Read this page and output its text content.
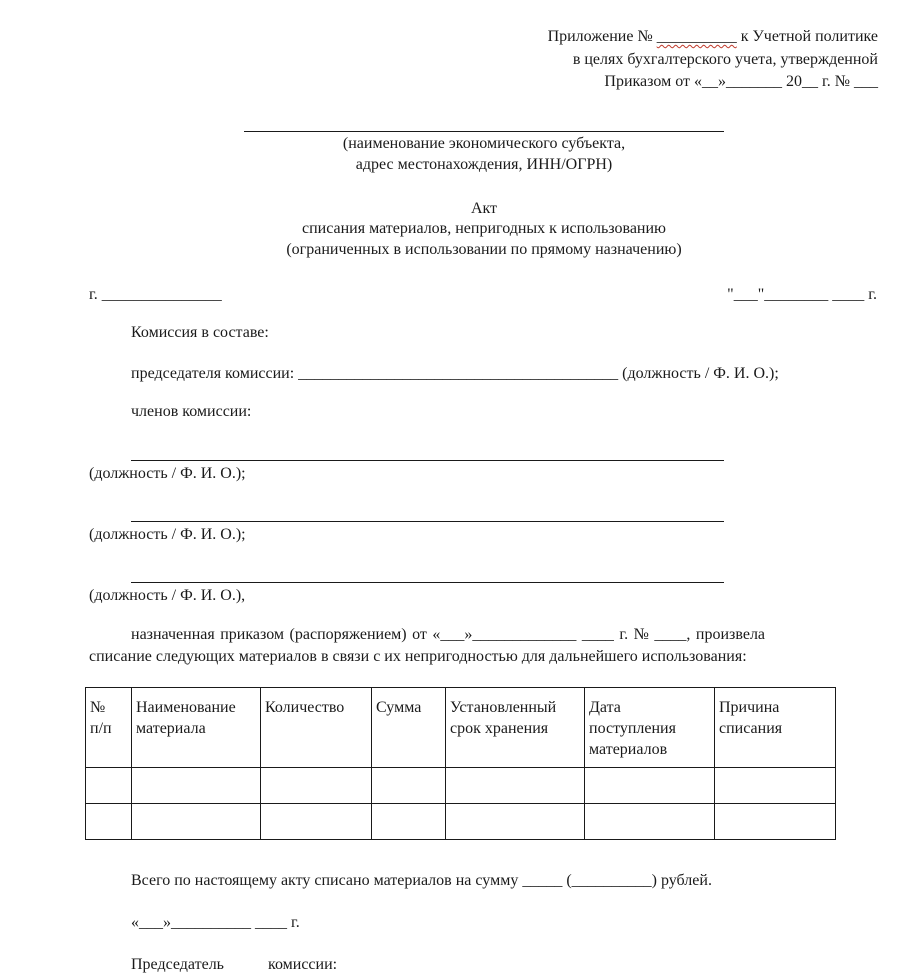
Приложение № __________ к Учетной политике
в целях бухгалтерского учета, утвержденной
Приказом от «__»_______ 20__ г. № ___
(наименование экономического субъекта,
адрес местонахождения, ИНН/ОГРН)
Акт
списания материалов, непригодных к использованию
(ограниченных в использовании по прямому назначению)
г. _______________	"___"________ ____ г.
Комиссия в составе:
председателя комиссии: ________________________________________ (должность / Ф. И. О.);
членов комиссии:
(должность / Ф. И. О.);
(должность / Ф. И. О.);
(должность / Ф. И. О.),
назначенная приказом (распоряжением) от «___»_____________ ____ г. № ____, произвела
списание следующих материалов в связи с их непригодностью для дальнейшего использования:
№
п/п	Наименование
материала	Количество	Сумма	Установленный
срок хранения	Дата
поступления
материалов	Причина
списания

Всего по настоящему акту списано материалов на сумму _____ (__________) рублей.
«___»__________ ____ г.
Председатель           комиссии:
